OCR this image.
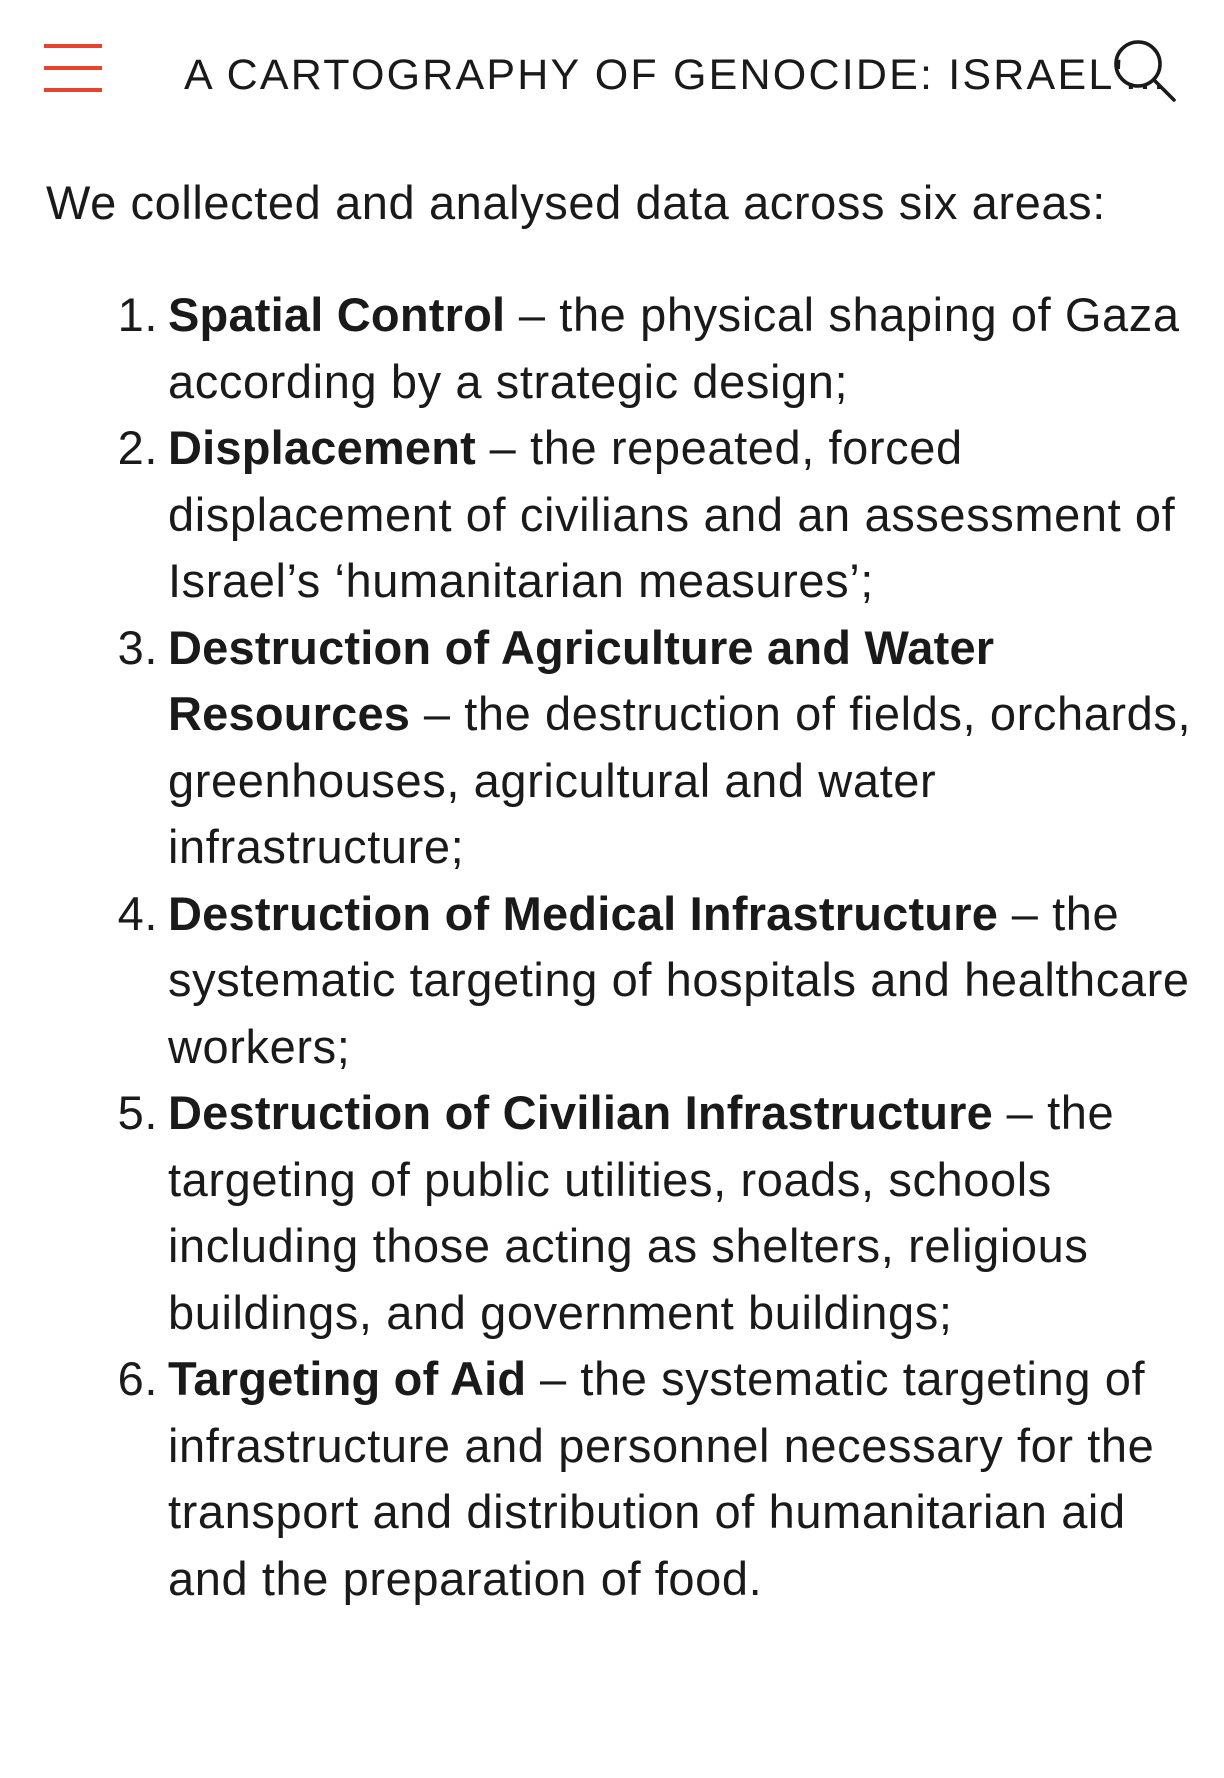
A CARTOGRAPHY OF GENOCIDE: ISRAEL'...

We collected and analysed data across six areas:

1. Spatial Control – the physical shaping of Gaza according by a strategic design;
2. Displacement – the repeated, forced displacement of civilians and an assessment of Israel’s ‘humanitarian measures’;
3. Destruction of Agriculture and Water Resources – the destruction of fields, orchards, greenhouses, agricultural and water infrastructure;
4. Destruction of Medical Infrastructure – the systematic targeting of hospitals and healthcare workers;
5. Destruction of Civilian Infrastructure – the targeting of public utilities, roads, schools including those acting as shelters, religious buildings, and government buildings;
6. Targeting of Aid – the systematic targeting of infrastructure and personnel necessary for the transport and distribution of humanitarian aid and the preparation of food.
